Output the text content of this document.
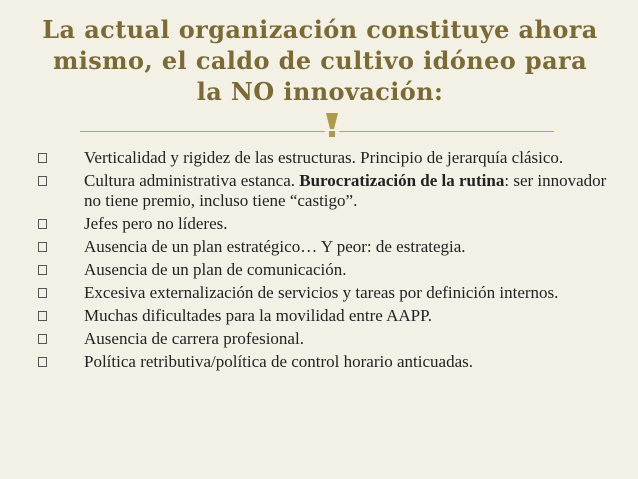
La actual organización constituye ahora
mismo, el caldo de cultivo idóneo para
la NO innovación:
Verticalidad y rigidez de las estructuras. Principio de jerarquía clásico.
Cultura administrativa estanca. Burocratización de la rutina: ser innovador no tiene premio, incluso tiene “castigo”.
Jefes pero no líderes.
Ausencia de un plan estratégico… Y peor: de estrategia.
Ausencia de un plan de comunicación.
Excesiva externalización de servicios y tareas por definición internos.
Muchas dificultades para la movilidad entre AAPP.
Ausencia de carrera profesional.
Política retributiva/política de control horario anticuadas.
